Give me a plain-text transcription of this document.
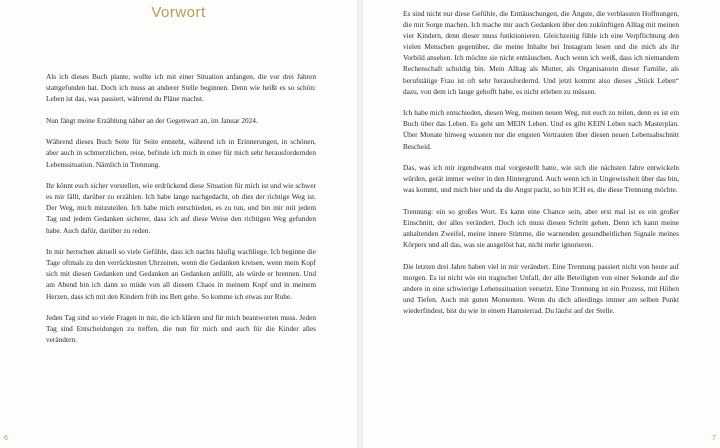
Vorwort

Als ich dieses Buch plante, wollte ich mit einer Situation anfangen, die vor drei Jahren stattgefunden hat. Doch ich muss an anderer Stelle beginnen. Denn wie heißt es so schön: Leben ist das, was passiert, während du Pläne machst.

Nun fängt meine Erzählung näher an der Gegenwart an, im Januar 2024.

Während dieses Buch Seite für Seite entsteht, während ich in Erinnerungen, in schönen, aber auch in schmerzlichen, reise, befinde ich mich in einer für mich sehr herausfordernden Lebenssituation. Nämlich in Trennung.

Ihr könnt euch sicher vorstellen, wie erdrückend diese Situation für mich ist und wie schwer es mir fällt, darüber zu erzählen. Ich habe lange nachgedacht, ob dies der richtige Weg ist. Der Weg, mich mitzuteilen. Ich habe mich entschieden, es zu tun, und bin mir mit jedem Tag und jedem Gedanken sicherer, dass ich auf diese Weise den richtigen Weg gefunden habe. Auch dafür, darüber zu reden.

In mir herrschen aktuell so viele Gefühle, dass ich nachts häufig wachliege. Ich beginne die Tage oftmals zu den verrücktesten Uhrzeiten, wenn die Gedanken kreisen, wenn mein Kopf sich mit diesen Gedanken und Gedanken an Gedanken anfüllt, als würde er brennen. Und am Abend bin ich dann so müde von all diesem Chaos in meinem Kopf und in meinem Herzen, dass ich mit den Kindern früh ins Bett gehe. So komme ich etwas zur Ruhe.

Jeden Tag sind so viele Fragen in mir, die ich klären und für mich beantworten muss. Jeden Tag sind Entscheidungen zu treffen, die nun für mich und auch für die Kinder alles verändern.

6

Es sind nicht nur diese Gefühle, die Enttäuschungen, die Ängste, die verblassten Hoffnungen, die mir Sorge machen. Ich mache mir auch Gedanken über den zukünftigen Alltag mit meinen vier Kindern, denn dieser muss funktionieren. Gleichzeitig fühle ich eine Verpflichtung den vielen Menschen gegenüber, die meine Inhalte bei Instagram lesen und die mich als ihr Vorbild ansehen. Ich möchte sie nicht enttäuschen. Auch wenn ich weiß, dass ich niemandem Rechenschaft schuldig bin. Mein Alltag als Mutter, als Organisatorin dieser Familie, als berufstätige Frau ist oft sehr herausfordernd. Und jetzt kommt also dieses „Stück Leben“ dazu, von dem ich lange gehofft habe, es nicht erleben zu müssen.

Ich habe mich entschieden, diesen Weg, meinen neuen Weg, mit euch zu teilen, denn es ist ein Buch über das Leben. Es geht um MEIN Leben. Und es gibt KEIN Leben nach Masterplan. Über Monate hinweg wussten nur die engsten Vertrauten über diesen neuen Lebensabschnitt Bescheid.

Das, was ich mir irgendwann mal vorgestellt hatte, wie sich die nächsten Jahre entwickeln würden, gerät immer weiter in den Hintergrund. Auch wenn ich in Ungewissheit über das bin, was kommt, und mich hier und da die Angst packt, so bin ICH es, die diese Trennung möchte.

Trennung: ein so großes Wort. Es kann eine Chance sein, aber erst mal ist es ein großer Einschnitt, der alles verändert. Doch ich muss diesen Schritt gehen. Denn ich kann meine anhaltenden Zweifel, meine innere Stimme, die warnenden gesundheitlichen Signale meines Körpers und all das, was sie ausgelöst hat, nicht mehr ignorieren.

Die letzten drei Jahre haben viel in mir verändert. Eine Trennung passiert nicht von heute auf morgen. Es ist nicht wie ein tragischer Unfall, der alle Beteiligten von einer Sekunde auf die andere in eine schwierige Lebenssituation versetzt. Eine Trennung ist ein Prozess, mit Höhen und Tiefen. Auch mit guten Momenten. Wenn du dich allerdings immer am selben Punkt wiederfindest, bist du wie in einem Hamsterrad. Du läufst auf der Stelle.

7
